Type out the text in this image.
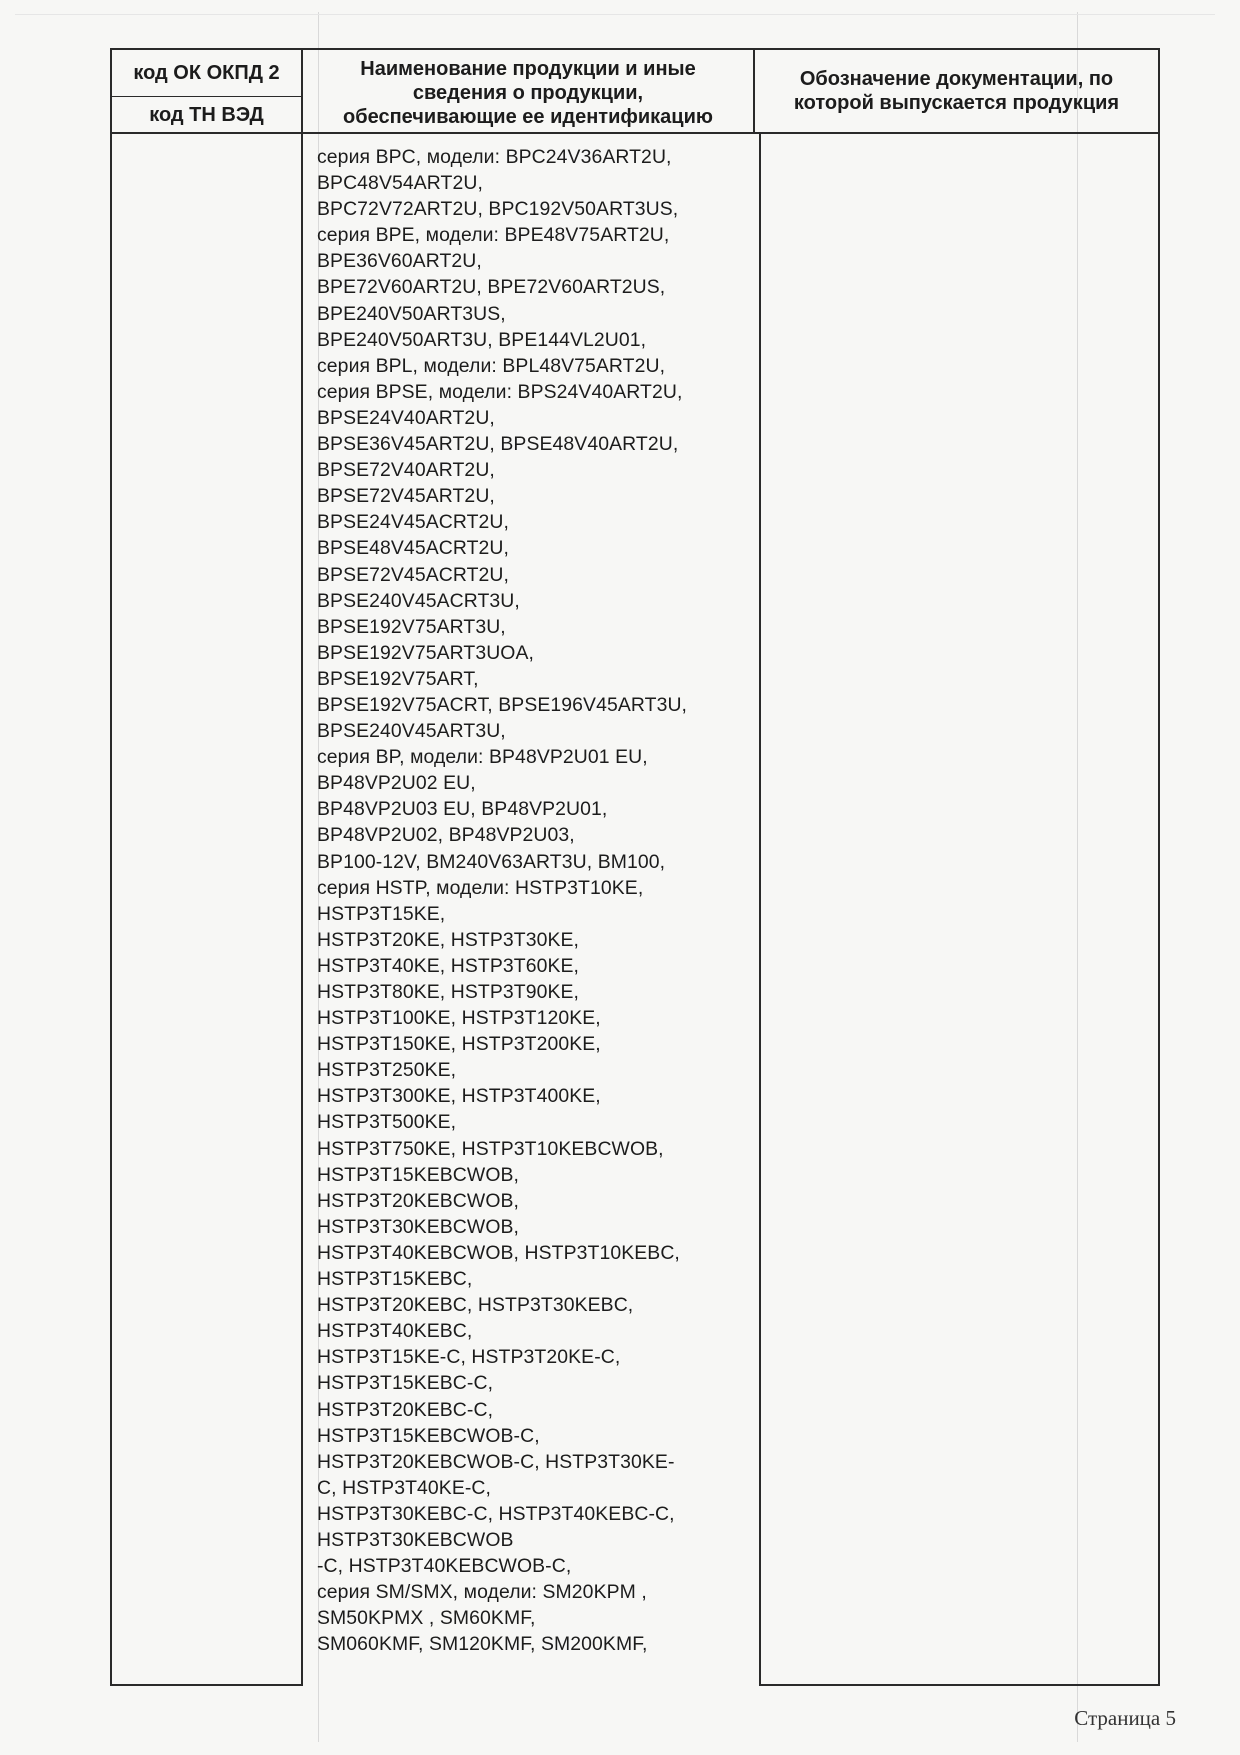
код ОК ОКПД 2
код ТН ВЭД
Наименование продукции и иные
сведения о продукции,
обеспечивающие ее идентификацию
Обозначение документации, по
которой выпускается продукция
серия BPC, модели: BPC24V36ART2U,
BPC48V54ART2U,
BPC72V72ART2U, BPC192V50ART3US,
серия BPE, модели: BPE48V75ART2U,
BPE36V60ART2U,
BPE72V60ART2U, BPE72V60ART2US,
BPE240V50ART3US,
BPE240V50ART3U, BPE144VL2U01,
серия BPL, модели: BPL48V75ART2U,
серия BPSE, модели: BPS24V40ART2U,
BPSE24V40ART2U,
BPSE36V45ART2U, BPSE48V40ART2U,
BPSE72V40ART2U,
BPSE72V45ART2U,
BPSE24V45ACRT2U,
BPSE48V45ACRT2U,
BPSE72V45ACRT2U,
BPSE240V45ACRT3U,
BPSE192V75ART3U,
BPSE192V75ART3UOA,
BPSE192V75ART,
BPSE192V75ACRT, BPSE196V45ART3U,
BPSE240V45ART3U,
серия BP, модели: BP48VP2U01 EU,
BP48VP2U02 EU,
BP48VP2U03 EU, BP48VP2U01,
BP48VP2U02, BP48VP2U03,
BP100-12V, BM240V63ART3U, BM100,
серия HSTP, модели: HSTP3T10KE,
HSTP3T15KE,
HSTP3T20KE, HSTP3T30KE,
HSTP3T40KE, HSTP3T60KE,
HSTP3T80KE, HSTP3T90KE,
HSTP3T100KE, HSTP3T120KE,
HSTP3T150KE, HSTP3T200KE,
HSTP3T250KE,
HSTP3T300KE, HSTP3T400KE,
HSTP3T500KE,
HSTP3T750KE, HSTP3T10KEBCWOB,
HSTP3T15KEBCWOB,
HSTP3T20KEBCWOB,
HSTP3T30KEBCWOB,
HSTP3T40KEBCWOB, HSTP3T10KEBC,
HSTP3T15KEBC,
HSTP3T20KEBC, HSTP3T30KEBC,
HSTP3T40KEBC,
HSTP3T15KE-C, HSTP3T20KE-C,
HSTP3T15KEBC-C,
HSTP3T20KEBC-C,
HSTP3T15KEBCWOB-C,
HSTP3T20KEBCWOB-C, HSTP3T30KE-
C, HSTP3T40KE-C,
HSTP3T30KEBC-C, HSTP3T40KEBC-C,
HSTP3T30KEBCWOB
-C, HSTP3T40KEBCWOB-C,
серия SM/SMX, модели: SM20KPM ,
SM50KPMX , SM60KMF,
SM060KMF, SM120KMF, SM200KMF,
Страница 5
